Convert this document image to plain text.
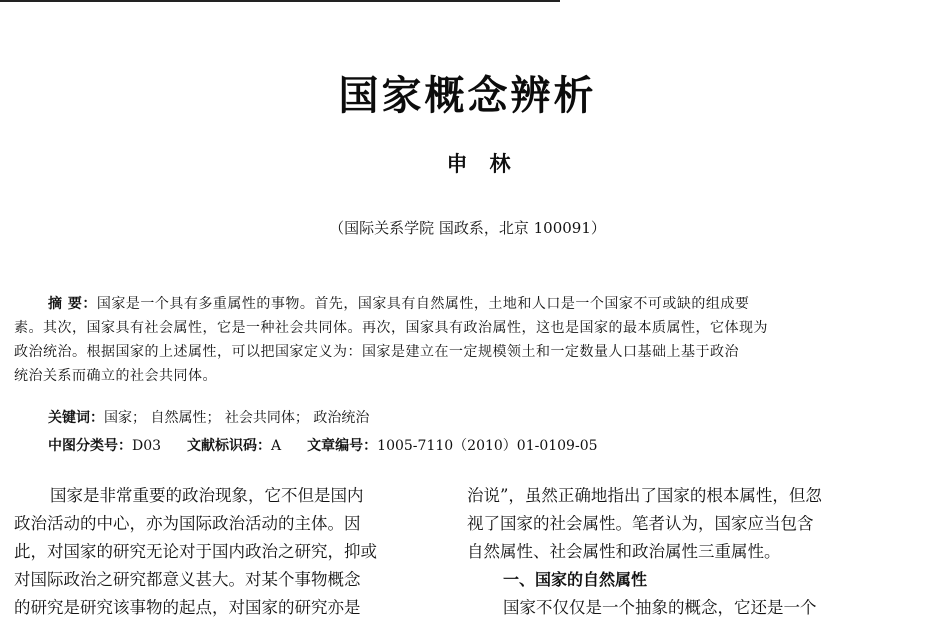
国家概念辨析
申林
（国际关系学院 国政系，北京 100091）
摘 要：国家是一个具有多重属性的事物。首先，国家具有自然属性，土地和人口是一个国家不可或缺的组成要
素。其次，国家具有社会属性，它是一种社会共同体。再次，国家具有政治属性，这也是国家的最本质属性，它体现为
政治统治。根据国家的上述属性，可以把国家定义为：国家是建立在一定规模领土和一定数量人口基础上基于政治
统治关系而确立的社会共同体。
关键词：国家； 自然属性； 社会共同体； 政治统治
中图分类号：D03 文献标识码：A 文章编号：1005-7110（2010）01-0109-05
国家是非常重要的政治现象，它不但是国内
政治活动的中心，亦为国际政治活动的主体。因
此，对国家的研究无论对于国内政治之研究，抑或
对国际政治之研究都意义甚大。对某个事物概念
的研究是研究该事物的起点，对国家的研究亦是
治说”，虽然正确地指出了国家的根本属性，但忽
视了国家的社会属性。笔者认为，国家应当包含
自然属性、社会属性和政治属性三重属性。
一、国家的自然属性
国家不仅仅是一个抽象的概念，它还是一个
